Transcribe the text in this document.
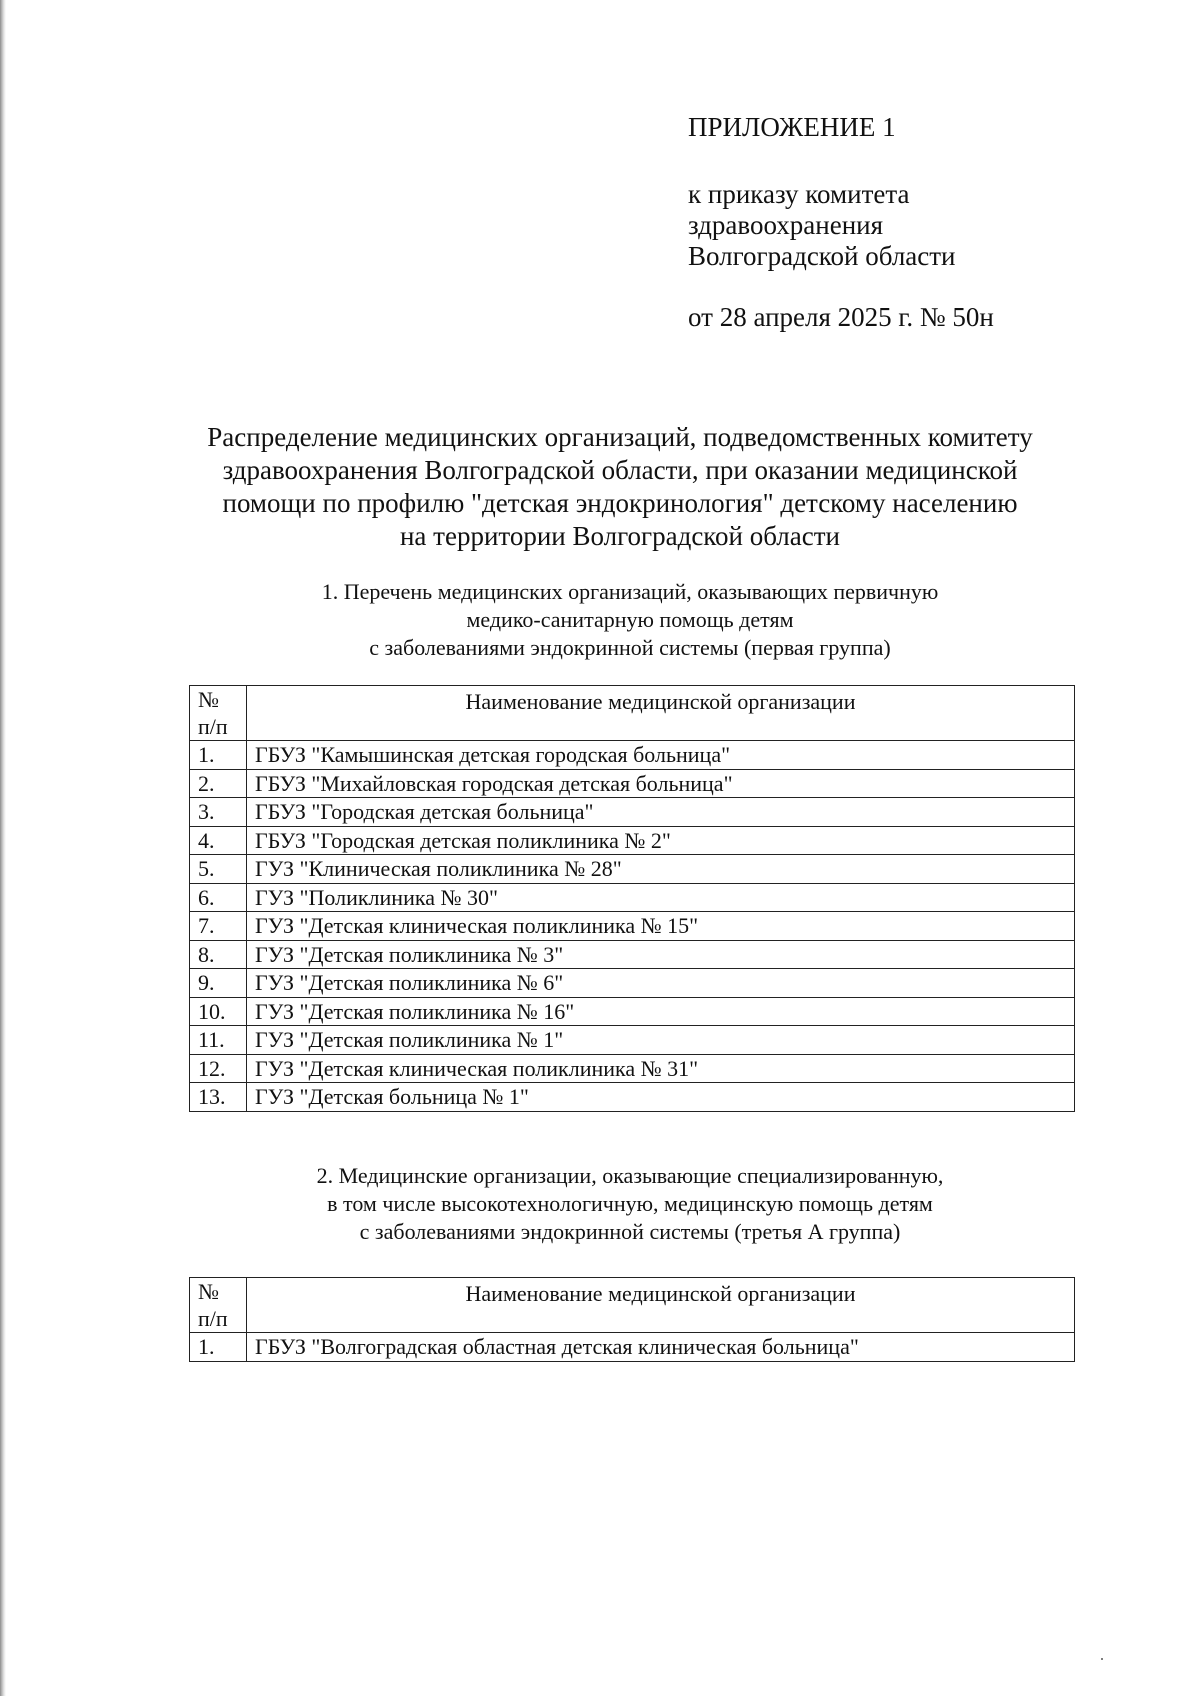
ПРИЛОЖЕНИЕ 1
к приказу комитета
здравоохранения
Волгоградской области
от 28 апреля 2025 г. № 50н
Распределение медицинских организаций, подведомственных комитету
здравоохранения Волгоградской области, при оказании медицинской
помощи по профилю "детская эндокринология" детскому населению
на территории Волгоградской области
1. Перечень медицинских организаций, оказывающих первичную
медико-санитарную помощь детям
с заболеваниями эндокринной системы (первая группа)
№
п/п	Наименование медицинской организации
1.	ГБУЗ "Камышинская детская городская больница"
2.	ГБУЗ "Михайловская городская детская больница"
3.	ГБУЗ "Городская детская больница"
4.	ГБУЗ "Городская детская поликлиника № 2"
5.	ГУЗ "Клиническая поликлиника № 28"
6.	ГУЗ "Поликлиника № 30"
7.	ГУЗ "Детская клиническая поликлиника № 15"
8.	ГУЗ "Детская поликлиника № 3"
9.	ГУЗ "Детская поликлиника № 6"
10.	ГУЗ "Детская поликлиника № 16"
11.	ГУЗ "Детская поликлиника № 1"
12.	ГУЗ "Детская клиническая поликлиника № 31"
13.	ГУЗ "Детская больница № 1"
2. Медицинские организации, оказывающие специализированную,
в том числе высокотехнологичную, медицинскую помощь детям
с заболеваниями эндокринной системы (третья А группа)
№
п/п	Наименование медицинской организации
1.	ГБУЗ "Волгоградская областная детская клиническая больница"
